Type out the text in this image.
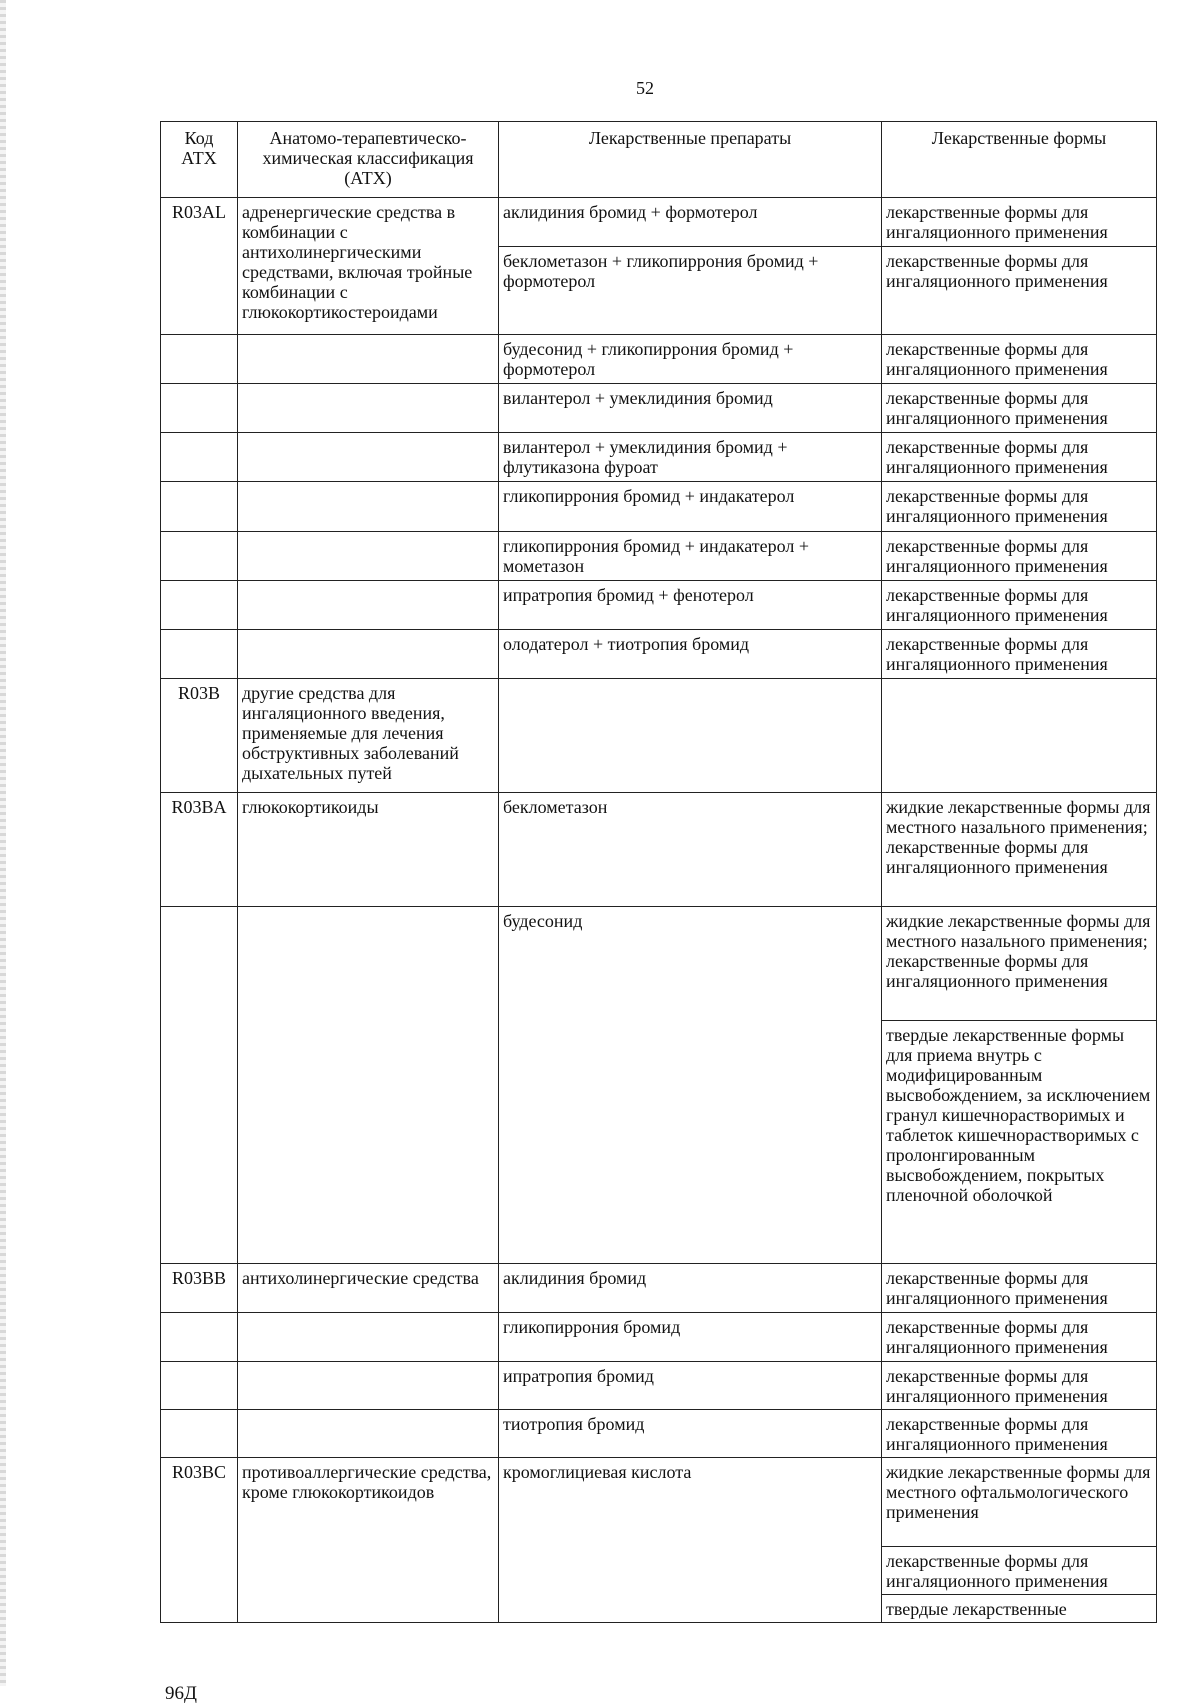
52
Код АТХ	Анатомо-терапевтическо-химическая классификация (АТХ)	Лекарственные препараты	Лекарственные формы
R03AL	адренергические средства в комбинации с антихолинергическими средствами, включая тройные комбинации с глюкокортикостероидами	аклидиния бромид + формотерол	лекарственные формы для ингаляционного применения
		беклометазон + гликопиррония бромид + формотерол	лекарственные формы для ингаляционного применения
		будесонид + гликопиррония бромид + формотерол	лекарственные формы для ингаляционного применения
		вилантерол + умеклидиния бромид	лекарственные формы для ингаляционного применения
		вилантерол + умеклидиния бромид + флутиказона фуроат	лекарственные формы для ингаляционного применения
		гликопиррония бромид + индакатерол	лекарственные формы для ингаляционного применения
		гликопиррония бромид + индакатерол + мометазон	лекарственные формы для ингаляционного применения
		ипратропия бромид + фенотерол	лекарственные формы для ингаляционного применения
		олодатерол + тиотропия бромид	лекарственные формы для ингаляционного применения
R03B	другие средства для ингаляционного введения, применяемые для лечения обструктивных заболеваний дыхательных путей		
R03BA	глюкокортикоиды	беклометазон	жидкие лекарственные формы для местного назального применения; лекарственные формы для ингаляционного применения
		будесонид	жидкие лекарственные формы для местного назального применения; лекарственные формы для ингаляционного применения
			твердые лекарственные формы для приема внутрь с модифицированным высвобождением, за исключением гранул кишечнорастворимых и таблеток кишечнорастворимых с пролонгированным высвобождением, покрытых пленочной оболочкой
R03BB	антихолинергические средства	аклидиния бромид	лекарственные формы для ингаляционного применения
		гликопиррония бромид	лекарственные формы для ингаляционного применения
		ипратропия бромид	лекарственные формы для ингаляционного применения
		тиотропия бромид	лекарственные формы для ингаляционного применения
R03BC	противоаллергические средства, кроме глюкокортикоидов	кромоглициевая кислота	жидкие лекарственные формы для местного офтальмологического применения
			лекарственные формы для ингаляционного применения
			твердые лекарственные
96Д
